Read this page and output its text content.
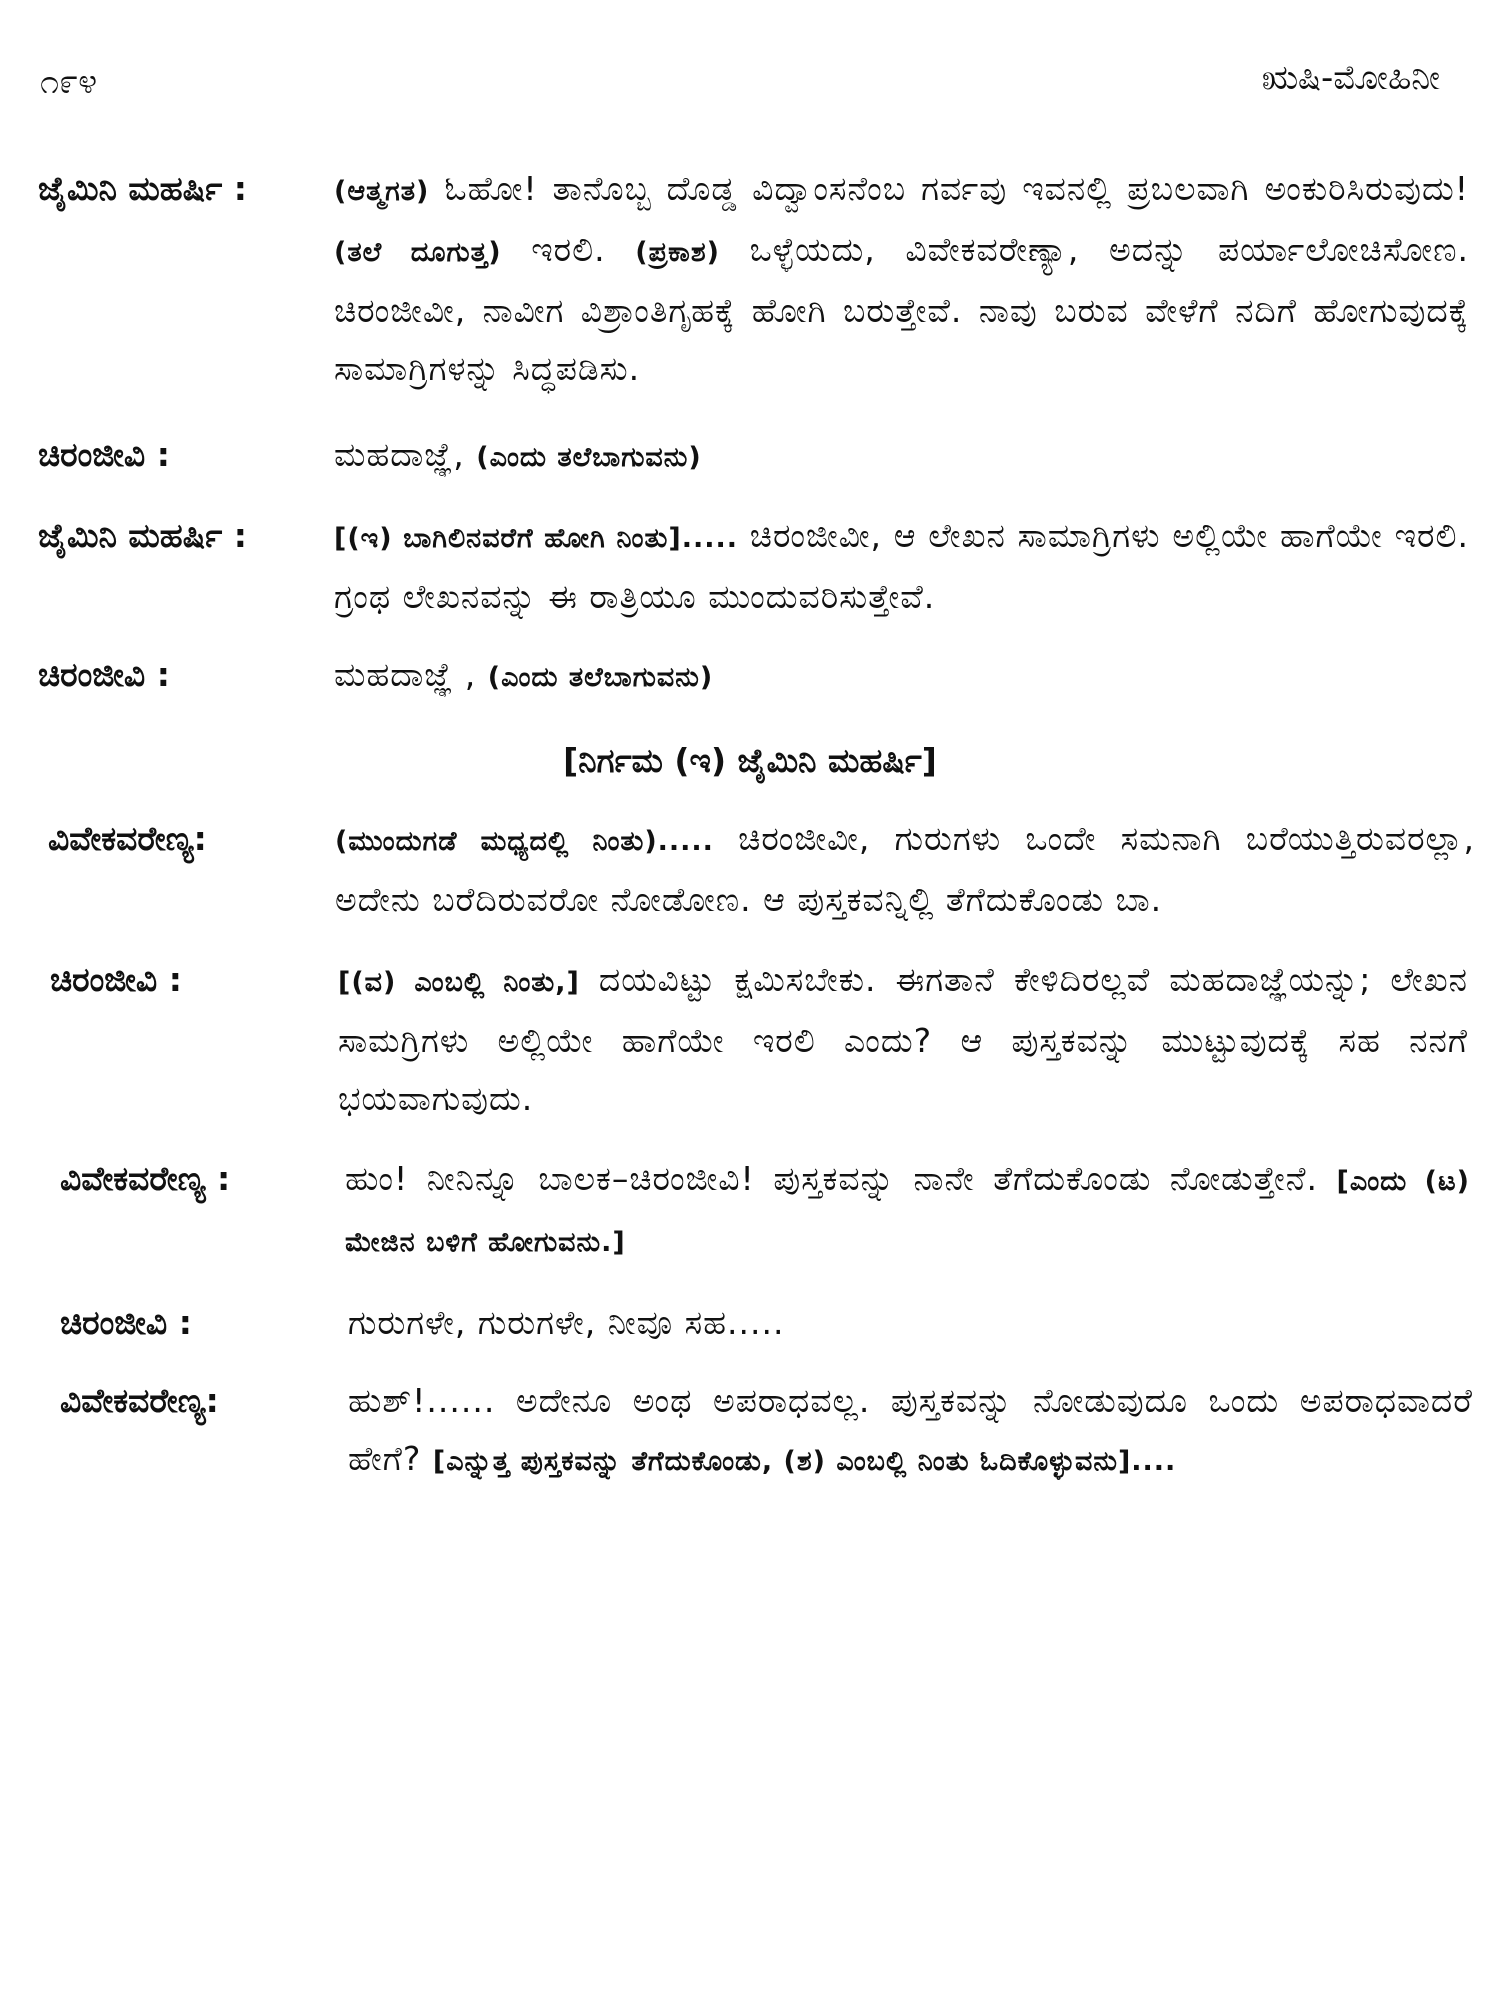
೧೯೪	ಋಷಿ-ಮೋಹಿನೀ
ಜೈಮಿನಿ ಮಹರ್ಷಿ :	(ಆತ್ಮಗತ) ಓಹೋ! ತಾನೊಬ್ಬ ದೊಡ್ಡ ವಿದ್ವಾಂಸನೆಂಬ ಗರ್ವವು ಇವನಲ್ಲಿ ಪ್ರಬಲವಾಗಿ ಅಂಕುರಿಸಿರುವುದು! (ತಲೆ ದೂಗುತ್ತ) ಇರಲಿ. (ಪ್ರಕಾಶ) ಒಳ್ಳೆಯದು, ವಿವೇಕವರೇಣ್ಯಾ, ಅದನ್ನು ಪರ್ಯಾಲೋಚಿಸೋಣ. ಚಿರಂಜೀವೀ, ನಾವೀಗ ವಿಶ್ರಾಂತಿಗೃಹಕ್ಕೆ ಹೋಗಿ ಬರುತ್ತೇವೆ. ನಾವು ಬರುವ ವೇಳೆಗೆ ನದಿಗೆ ಹೋಗುವುದಕ್ಕೆ ಸಾಮಾಗ್ರಿಗಳನ್ನು ಸಿದ್ಧಪಡಿಸು.
ಚಿರಂಜೀವಿ :	ಮಹದಾಜ್ಞೆ, (ಎಂದು ತಲೆಬಾಗುವನು)
ಜೈಮಿನಿ ಮಹರ್ಷಿ :	[(ಇ) ಬಾಗಿಲಿನವರೆಗೆ ಹೋಗಿ ನಿಂತು]..... ಚಿರಂಜೀವೀ, ಆ ಲೇಖನ ಸಾಮಾಗ್ರಿಗಳು ಅಲ್ಲಿಯೇ ಹಾಗೆಯೇ ಇರಲಿ. ಗ್ರಂಥ ಲೇಖನವನ್ನು ಈ ರಾತ್ರಿಯೂ ಮುಂದುವರಿಸುತ್ತೇವೆ.
ಚಿರಂಜೀವಿ :	ಮಹದಾಜ್ಞೆ , (ಎಂದು ತಲೆಬಾಗುವನು)
[ನಿರ್ಗಮ (ಇ) ಜೈಮಿನಿ ಮಹರ್ಷಿ]
ವಿವೇಕವರೇಣ್ಯ:	(ಮುಂದುಗಡೆ ಮಧ್ಯದಲ್ಲಿ ನಿಂತು)..... ಚಿರಂಜೀವೀ, ಗುರುಗಳು ಒಂದೇ ಸಮನಾಗಿ ಬರೆಯುತ್ತಿರುವರಲ್ಲಾ, ಅದೇನು ಬರೆದಿರುವರೋ ನೋಡೋಣ. ಆ ಪುಸ್ತಕವನ್ನಿಲ್ಲಿ ತೆಗೆದುಕೊಂಡು ಬಾ.
ಚಿರಂಜೀವಿ :	[(ವ) ಎಂಬಲ್ಲಿ ನಿಂತು,] ದಯವಿಟ್ಟು ಕ್ಷಮಿಸಬೇಕು. ಈಗತಾನೆ ಕೇಳಿದಿರಲ್ಲವೆ ಮಹದಾಜ್ಞೆಯನ್ನು; ಲೇಖನ ಸಾಮಗ್ರಿಗಳು ಅಲ್ಲಿಯೇ ಹಾಗೆಯೇ ಇರಲಿ ಎಂದು? ಆ ಪುಸ್ತಕವನ್ನು ಮುಟ್ಟುವುದಕ್ಕೆ ಸಹ ನನಗೆ ಭಯವಾಗುವುದು.
ವಿವೇಕವರೇಣ್ಯ :	ಹುಂ! ನೀನಿನ್ನೂ ಬಾಲಕ–ಚಿರಂಜೀವಿ! ಪುಸ್ತಕವನ್ನು ನಾನೇ ತೆಗೆದುಕೊಂಡು ನೋಡುತ್ತೇನೆ. [ಎಂದು (ಟ) ಮೇಜಿನ ಬಳಿಗೆ ಹೋಗುವನು.]
ಚಿರಂಜೀವಿ :	ಗುರುಗಳೇ, ಗುರುಗಳೇ, ನೀವೂ ಸಹ.....
ವಿವೇಕವರೇಣ್ಯ:	ಹುಶ್!...... ಅದೇನೂ ಅಂಥ ಅಪರಾಧವಲ್ಲ. ಪುಸ್ತಕವನ್ನು ನೋಡುವುದೂ ಒಂದು ಅಪರಾಧವಾದರೆ ಹೇಗೆ? [ಎನ್ನುತ್ತ ಪುಸ್ತಕವನ್ನು ತೆಗೆದುಕೊಂಡು, (ಶ) ಎಂಬಲ್ಲಿ ನಿಂತು ಓದಿಕೊಳ್ಳುವನು]....
